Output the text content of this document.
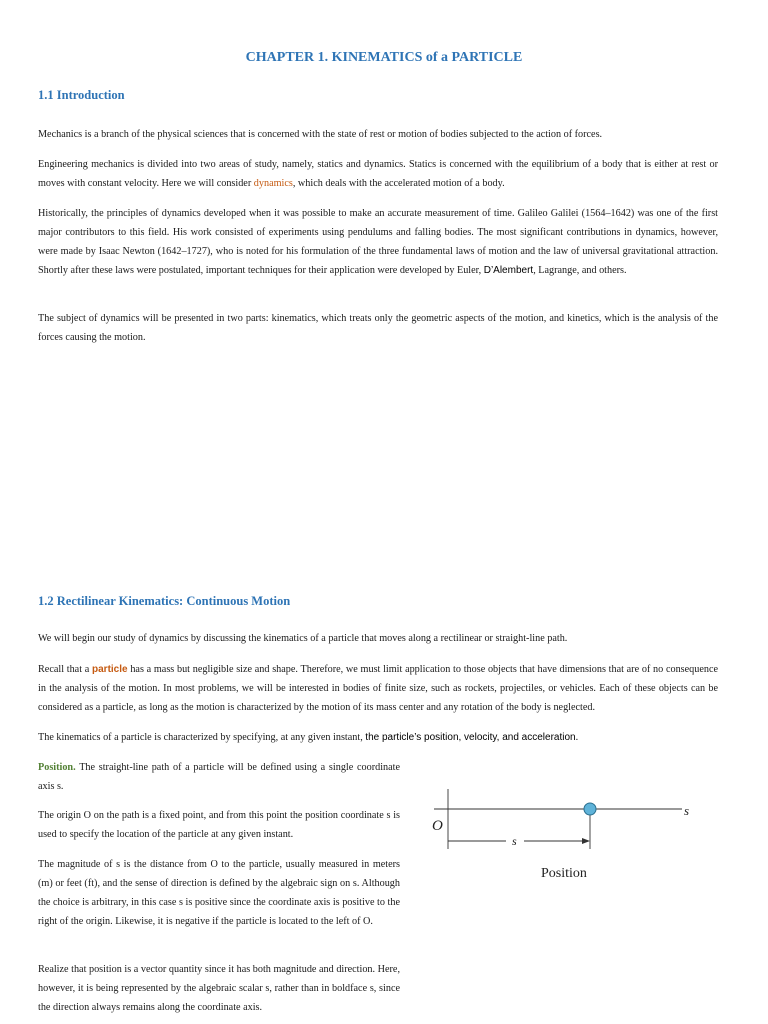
CHAPTER 1. KINEMATICS of a PARTICLE
1.1 Introduction
Mechanics is a branch of the physical sciences that is concerned with the state of rest or motion of bodies subjected to the action of forces.
Engineering mechanics is divided into two areas of study, namely, statics and dynamics. Statics is concerned with the equilibrium of a body that is either at rest or moves with constant velocity. Here we will consider dynamics, which deals with the accelerated motion of a body.
Historically, the principles of dynamics developed when it was possible to make an accurate measurement of time. Galileo Galilei (1564–1642) was one of the first major contributors to this field. His work consisted of experiments using pendulums and falling bodies. The most significant contributions in dynamics, however, were made by Isaac Newton (1642–1727), who is noted for his formulation of the three fundamental laws of motion and the law of universal gravitational attraction. Shortly after these laws were postulated, important techniques for their application were developed by Euler, D’Alembert, Lagrange, and others.
The subject of dynamics will be presented in two parts: kinematics, which treats only the geometric aspects of the motion, and kinetics, which is the analysis of the forces causing the motion.
1.2 Rectilinear Kinematics: Continuous Motion
We will begin our study of dynamics by discussing the kinematics of a particle that moves along a rectilinear or straight-line path.
Recall that a particle has a mass but negligible size and shape. Therefore, we must limit application to those objects that have dimensions that are of no consequence in the analysis of the motion. In most problems, we will be interested in bodies of finite size, such as rockets, projectiles, or vehicles. Each of these objects can be considered as a particle, as long as the motion is characterized by the motion of its mass center and any rotation of the body is neglected.
The kinematics of a particle is characterized by specifying, at any given instant, the particle’s position, velocity, and acceleration.
Position. The straight-line path of a particle will be defined using a single coordinate axis s.
The origin O on the path is a fixed point, and from this point the position coordinate s is used to specify the location of the particle at any given instant.
The magnitude of s is the distance from O to the particle, usually measured in meters (m) or feet (ft), and the sense of direction is defined by the algebraic sign on s. Although the choice is arbitrary, in this case s is positive since the coordinate axis is positive to the right of the origin. Likewise, it is negative if the particle is located to the left of O.
Realize that position is a vector quantity since it has both magnitude and direction. Here, however, it is being represented by the algebraic scalar s, rather than in boldface s, since the direction always remains along the coordinate axis.
O
s
s
Position
